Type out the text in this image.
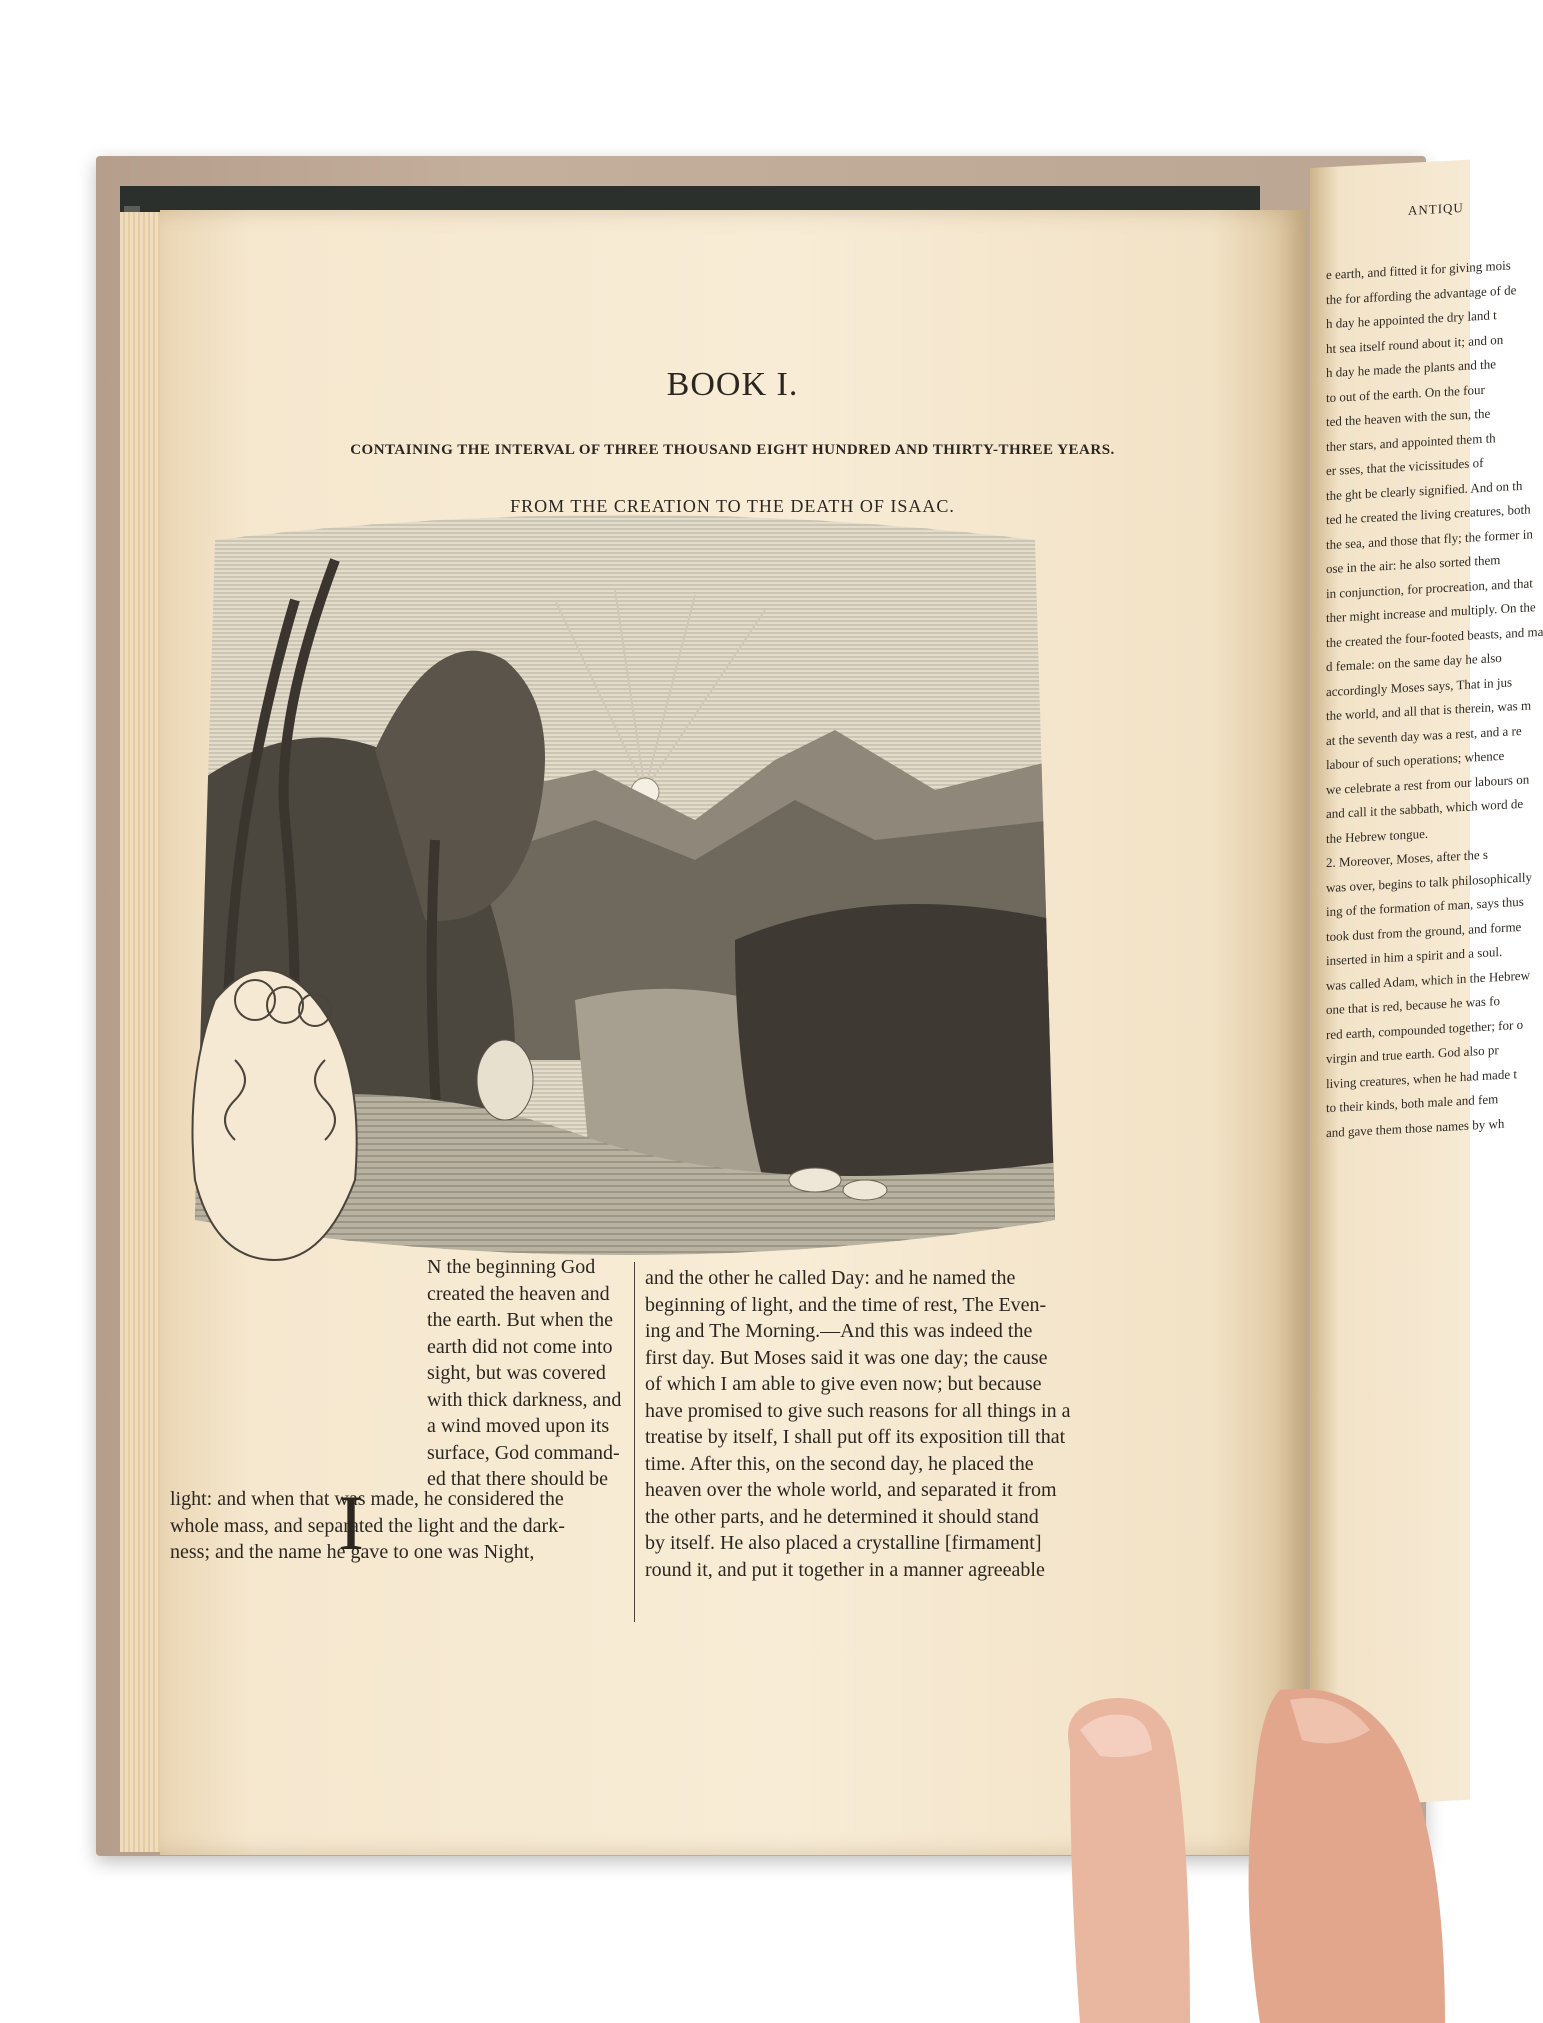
BOOK I.
CONTAINING THE INTERVAL OF THREE THOUSAND EIGHT HUNDRED AND THIRTY-THREE YEARS.
FROM THE CREATION TO THE DEATH OF ISAAC.
I
N the beginning God
created the heaven and
the earth. But when the
earth did not come into
sight, but was covered
with thick darkness, and
a wind moved upon its
surface, God command-
ed that there should be
light: and when that was made, he considered the
whole mass, and separated the light and the dark-
ness; and the name he gave to one was Night,
and the other he called Day: and he named the
beginning of light, and the time of rest, The Even-
ing and The Morning.—And this was indeed the
first day. But Moses said it was one day; the cause
of which I am able to give even now; but because
have promised to give such reasons for all things in a
treatise by itself, I shall put off its exposition till that
time. After this, on the second day, he placed the
heaven over the whole world, and separated it from
the other parts, and he determined it should stand
by itself. He also placed a crystalline [firmament]
round it, and put it together in a manner agreeable
ANTIQU
e earth, and fitted it for giving mois
the for affording the advantage of de
h day he appointed the dry land t
ht sea itself round about it; and on
h day he made the plants and the
to out of the earth. On the four
ted the heaven with the sun, the
ther stars, and appointed them th
er sses, that the vicissitudes of
the ght be clearly signified. And on th
ted he created the living creatures, both
the sea, and those that fly; the former in
ose in the air: he also sorted them
in conjunction, for procreation, and that
ther might increase and multiply. On the
the created the four-footed beasts, and ma
d female: on the same day he also
accordingly Moses says, That in jus
the world, and all that is therein, was m
at the seventh day was a rest, and a re
labour of such operations; whence
we celebrate a rest from our labours on
and call it the sabbath, which word de
the Hebrew tongue.
2. Moreover, Moses, after the s
was over, begins to talk philosophically
ing of the formation of man, says thus
took dust from the ground, and forme
inserted in him a spirit and a soul.
was called Adam, which in the Hebrew
one that is red, because he was fo
red earth, compounded together; for o
virgin and true earth. God also pr
living creatures, when he had made t
to their kinds, both male and fem
and gave them those names by wh
